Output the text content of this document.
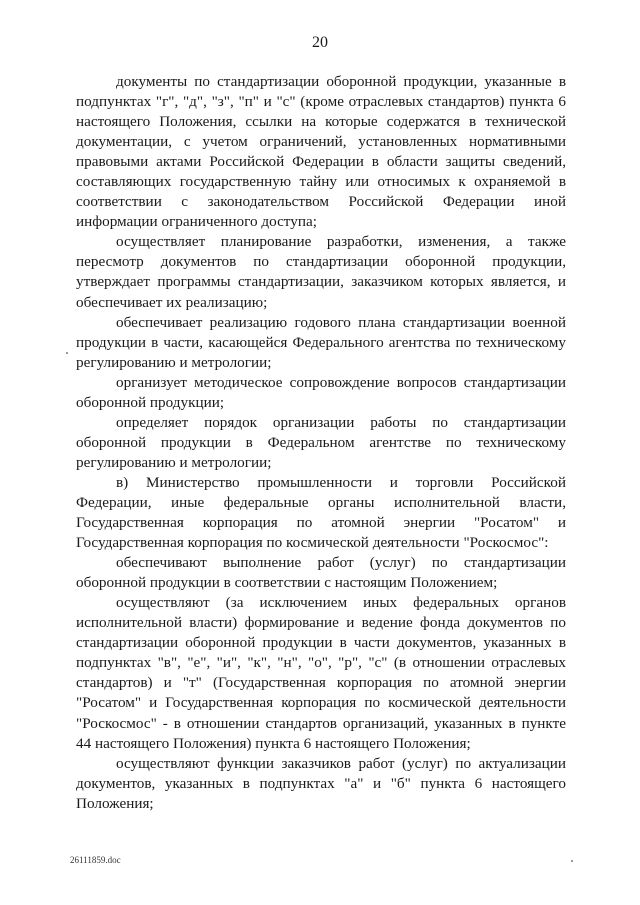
20

документы по стандартизации оборонной продукции, указанные в подпунктах "г", "д", "з", "п" и "с" (кроме отраслевых стандартов) пункта 6 настоящего Положения, ссылки на которые содержатся в технической документации, с учетом ограничений, установленных нормативными правовыми актами Российской Федерации в области защиты сведений, составляющих государственную тайну или относимых к охраняемой в соответствии с законодательством Российской Федерации иной информации ограниченного доступа;

осуществляет планирование разработки, изменения, а также пересмотр документов по стандартизации оборонной продукции, утверждает программы стандартизации, заказчиком которых является, и обеспечивает их реализацию;

обеспечивает реализацию годового плана стандартизации военной продукции в части, касающейся Федерального агентства по техническому регулированию и метрологии;

организует методическое сопровождение вопросов стандартизации оборонной продукции;

определяет порядок организации работы по стандартизации оборонной продукции в Федеральном агентстве по техническому регулированию и метрологии;

в) Министерство промышленности и торговли Российской Федерации, иные федеральные органы исполнительной власти, Государственная корпорация по атомной энергии "Росатом" и Государственная корпорация по космической деятельности "Роскосмос":

обеспечивают выполнение работ (услуг) по стандартизации оборонной продукции в соответствии с настоящим Положением;

осуществляют (за исключением иных федеральных органов исполнительной власти) формирование и ведение фонда документов по стандартизации оборонной продукции в части документов, указанных в подпунктах "в", "е", "и", "к", "н", "о", "р", "с" (в отношении отраслевых стандартов) и "т" (Государственная корпорация по атомной энергии "Росатом" и Государственная корпорация по космической деятельности "Роскосмос" - в отношении стандартов организаций, указанных в пункте 44 настоящего Положения) пункта 6 настоящего Положения;

осуществляют функции заказчиков работ (услуг) по актуализации документов, указанных в подпунктах "а" и "б" пункта 6 настоящего Положения;

26111859.doc
